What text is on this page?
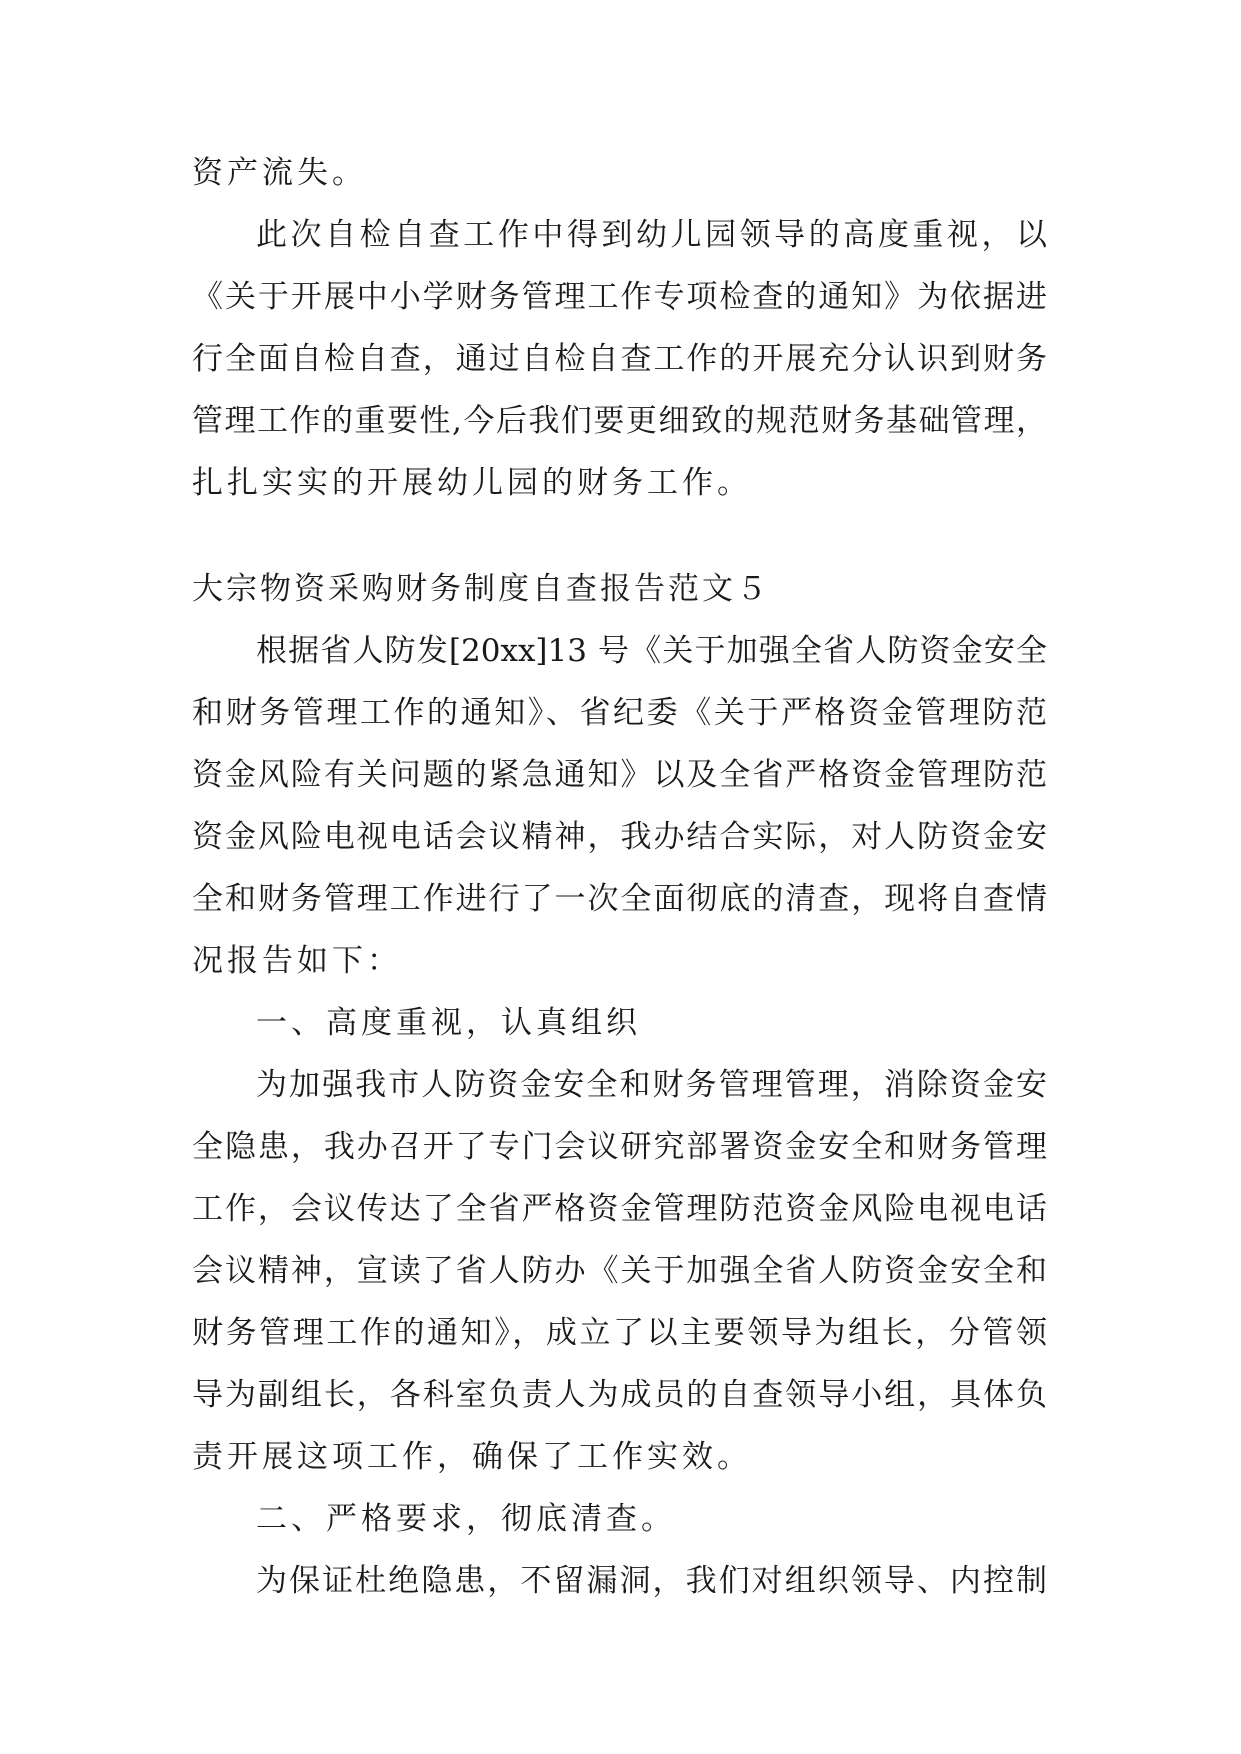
资产流失。
此次自检自查工作中得到幼儿园领导的高度重视，以
《关于开展中小学财务管理工作专项检查的通知》为依据进
行全面自检自查，通过自检自查工作的开展充分认识到财务
管理工作的重要性,今后我们要更细致的规范财务基础管理，
扎扎实实的开展幼儿园的财务工作。
大宗物资采购财务制度自查报告范文５
根据省人防发[20xx]13 号《关于加强全省人防资金安全
和财务管理工作的通知》、省纪委《关于严格资金管理防范
资金风险有关问题的紧急通知》以及全省严格资金管理防范
资金风险电视电话会议精神，我办结合实际，对人防资金安
全和财务管理工作进行了一次全面彻底的清查，现将自查情
况报告如下：
一、高度重视，认真组织
为加强我市人防资金安全和财务管理管理，消除资金安
全隐患，我办召开了专门会议研究部署资金安全和财务管理
工作，会议传达了全省严格资金管理防范资金风险电视电话
会议精神，宣读了省人防办《关于加强全省人防资金安全和
财务管理工作的通知》，成立了以主要领导为组长，分管领
导为副组长，各科室负责人为成员的自查领导小组，具体负
责开展这项工作，确保了工作实效。
二、严格要求，彻底清查。
为保证杜绝隐患，不留漏洞，我们对组织领导、内控制
